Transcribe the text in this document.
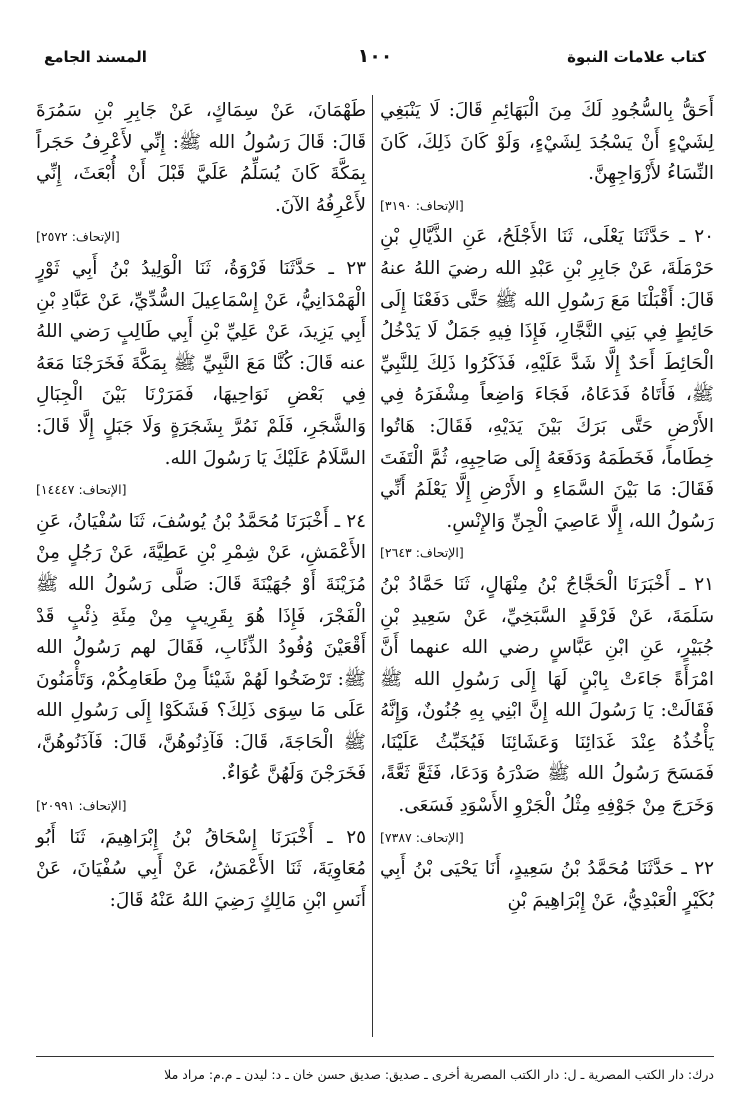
كتاب علامات النبوة
١٠٠
المسند الجامع
أَحَقُّ بِالسُّجُودِ لَكَ مِنَ الْبَهَائِمِ قَالَ: لَا يَنْبَغِي لِشَيْءٍ أَنْ يَسْجُدَ لِشَيْءٍ، وَلَوْ كَانَ ذَلِكَ، كَانَ النِّسَاءُ لأَزْوَاجِهِنَّ.
[الإتحاف: ٣١٩٠]
٢٠ ـ حَدَّثَنَا يَعْلَى، ثَنَا الأَجْلَحُ، عَنِ الذَّيَّالِ بْنِ حَرْمَلَةَ، عَنْ جَابِرِ بْنِ عَبْدِ الله رضيَ اللهُ عنهُ قَالَ: أَقْبَلْنَا مَعَ رَسُولِ الله ﷺ حَتَّى دَفَعْنَا إِلَى حَائِطٍ فِي بَنِي النَّجَّارِ، فَإِذَا فِيهِ جَمَلٌ لَا يَدْخُلُ الْحَائِطَ أَحَدٌ إِلَّا شَدَّ عَلَيْهِ، فَذَكَرُوا ذَلِكَ لِلنَّبِيِّ ﷺ، فَأَتَاهُ فَدَعَاهُ، فَجَاءَ وَاضِعاً مِشْفَرَهُ فِي الأَرْضِ حَتَّى بَرَكَ بَيْنَ يَدَيْهِ، فَقَالَ: هَاتُوا خِطَاماً، فَخَطَمَهُ وَدَفَعَهُ إِلَى صَاحِبِهِ، ثُمَّ الْتَفَتَ فَقَالَ: مَا بَيْنَ السَّمَاءِ و الأَرْضِ إِلَّا يَعْلَمُ أَنِّي رَسُولُ الله، إِلَّا عَاصِيَ الْجِنِّ وَالإِنْسِ.
[الإتحاف: ٢٦٤٣]
٢١ ـ أَخْبَرَنَا الْحَجَّاجُ بْنُ مِنْهَالٍ، ثَنَا حَمَّادُ بْنُ سَلَمَةَ، عَنْ فَرْقَدٍ السَّبَخِيِّ، عَنْ سَعِيدِ بْنِ جُبَيْرٍ، عَنِ ابْنِ عَبَّاسٍ رضي الله عنهما أَنَّ امْرَأَةً جَاءَتْ بِابْنٍ لَهَا إِلَى رَسُولِ الله ﷺ فَقَالَتْ: يَا رَسُولَ الله إِنَّ ابْنِي بِهِ جُنُونٌ، وَإِنَّهُ يَأْخُذُهُ عِنْدَ غَدَائِنَا وَعَشَائِنَا فَيُخَبِّثُ عَلَيْنَا، فَمَسَحَ رَسُولُ الله ﷺ صَدْرَهُ وَدَعَا، فَثَعَّ ثَعَّةً، وَخَرَجَ مِنْ جَوْفِهِ مِثْلُ الْجَرْوِ الأَسْوَدِ فَسَعَى.
[الإتحاف: ٧٣٨٧]
٢٢ ـ حَدَّثَنَا مُحَمَّدُ بْنُ سَعِيدٍ، أَنَا يَحْيَى بْنُ أَبِي بُكَيْرٍ الْعَبْدِيُّ، عَنْ إِبْرَاهِيمَ بْنِ
طَهْمَانَ، عَنْ سِمَاكٍ، عَنْ جَابِرِ بْنِ سَمُرَةَ قَالَ: قَالَ رَسُولُ الله ﷺ: إِنِّي لأَعْرِفُ حَجَراً بِمَكَّةَ كَانَ يُسَلِّمُ عَلَيَّ قَبْلَ أَنْ أُبْعَثَ، إِنِّي لأَعْرِفُهُ الآنَ.
[الإتحاف: ٢٥٧٢]
٢٣ ـ حَدَّثَنَا فَرْوَةُ، ثَنَا الْوَلِيدُ بْنُ أَبِي ثَوْرٍ الْهَمْدَانِيُّ، عَنْ إِسْمَاعِيلَ السُّدِّيِّ، عَنْ عَبَّادِ بْنِ أَبِي يَزِيدَ، عَنْ عَلِيِّ بْنِ أَبِي طَالِبٍ رَضي اللهُ عنه قَالَ: كُنَّا مَعَ النَّبِيِّ ﷺ بِمَكَّةَ فَخَرَجْنَا مَعَهُ فِي بَعْضِ نَوَاحِيهَا، فَمَرَرْنَا بَيْنَ الْجِبَالِ وَالشَّجَرِ، فَلَمْ نَمُرَّ بِشَجَرَةٍ وَلَا جَبَلٍ إِلَّا قَالَ: السَّلَامُ عَلَيْكَ يَا رَسُولَ الله.
[الإتحاف: ١٤٤٤٧]
٢٤ ـ أَخْبَرَنَا مُحَمَّدُ بْنُ يُوسُفَ، ثَنَا سُفْيَانُ، عَنِ الأَعْمَشِ، عَنْ شِمْرِ بْنِ عَطِيَّةَ، عَنْ رَجُلٍ مِنْ مُزَيْنَةَ أَوْ جُهَيْنَةَ قَالَ: صَلَّى رَسُولُ الله ﷺ الْفَجْرَ، فَإِذَا هُوَ بِقَرِيبٍ مِنْ مِئَةِ ذِئْبٍ قَدْ أَقْعَيْنَ وُفُودُ الذِّئَابِ، فَقَالَ لهم رَسُولُ الله ﷺ: تَرْضَخُوا لَهُمْ شَيْئاً مِنْ طَعَامِكُمْ، وَتَأْمَنُونَ عَلَى مَا سِوَى ذَلِكَ؟ فَشَكَوْا إِلَى رَسُولِ الله ﷺ الْحَاجَةَ، قَالَ: فَآذِنُوهُنَّ، قَالَ: فَآذَنُوهُنَّ، فَخَرَجْنَ وَلَهُنَّ عُوَاءٌ.
[الإتحاف: ٢٠٩٩١]
٢٥ ـ أَخْبَرَنَا إِسْحَاقُ بْنُ إِبْرَاهِيمَ، ثَنَا أَبُو مُعَاوِيَةَ، ثَنَا الأَعْمَشُ، عَنْ أَبِي سُفْيَانَ، عَنْ أَنَسِ ابْنِ مَالِكٍ رَضِيَ اللهُ عَنْهُ قَالَ:
درك: دار الكتب المصرية ـ ل: دار الكتب المصرية أخرى ـ صديق: صديق حسن خان ـ د: ليدن ـ م.م: مراد ملا
